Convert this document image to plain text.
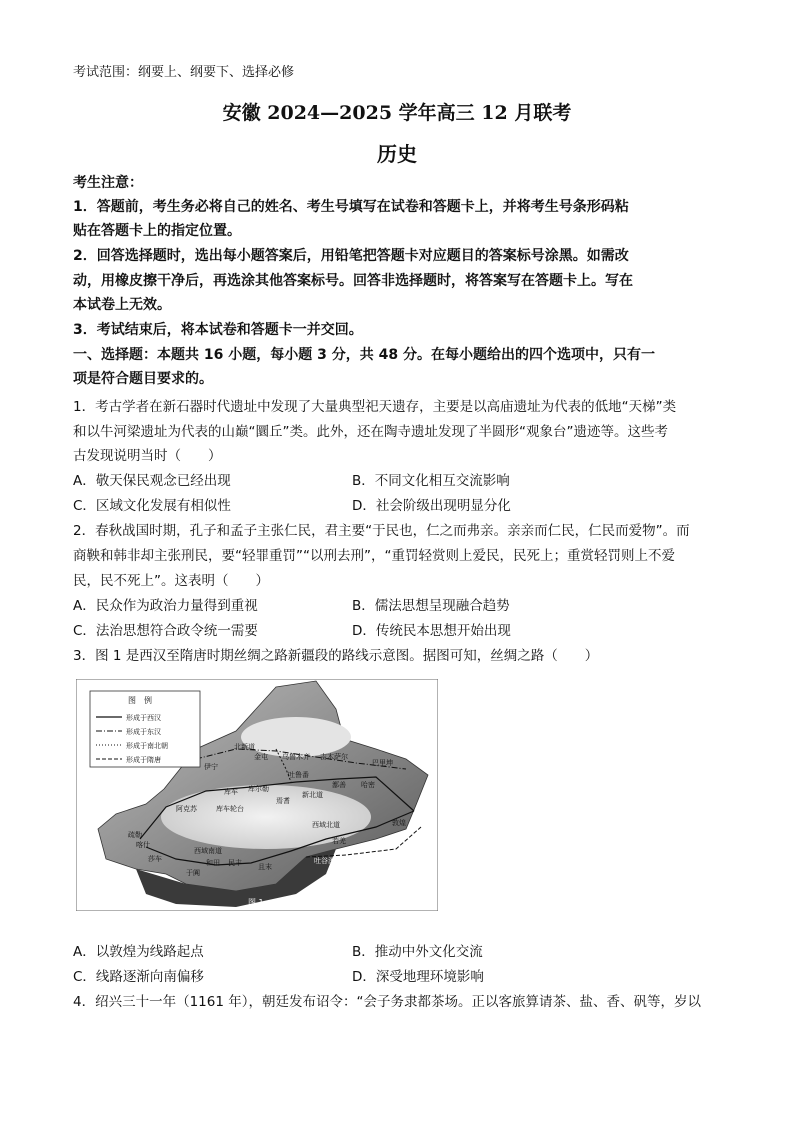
考试范围：纲要上、纲要下、选择必修
安徽 2024—2025 学年高三 12 月联考
历史
考生注意：
1．答题前，考生务必将自己的姓名、考生号填写在试卷和答题卡上，并将考生号条形码粘
贴在答题卡上的指定位置。
2．回答选择题时，选出每小题答案后，用铅笔把答题卡对应题目的答案标号涂黑。如需改
动，用橡皮擦干净后，再选涂其他答案标号。回答非选择题时，将答案写在答题卡上。写在
本试卷上无效。
3．考试结束后，将本试卷和答题卡一并交回。
一、选择题：本题共 16 小题，每小题 3 分，共 48 分。在每小题给出的四个选项中，只有一
项是符合题目要求的。
1．考古学者在新石器时代遗址中发现了大量典型祀天遗存，主要是以高庙遗址为代表的低地“天梯”类
和以牛河梁遗址为代表的山巅“圜丘”类。此外，还在陶寺遗址发现了半圆形“观象台”遗迹等。这些考
古发现说明当时（　　）
A．敬天保民观念已经出现	B．不同文化相互交流影响
C．区域文化发展有相似性	D．社会阶级出现明显分化
2．春秋战国时期，孔子和孟子主张仁民，君主要“于民也，仁之而弗亲。亲亲而仁民，仁民而爱物”。而
商鞅和韩非却主张刑民，要“轻罪重罚”“以刑去刑”，“重罚轻赏则上爱民，民死上；重赏轻罚则上不爱
民，民不死上”。这表明（　　）
A．民众作为政治力量得到重视	B．儒法思想呈现融合趋势
C．法治思想符合政令统一需要	D．传统民本思想开始出现
3．图 1 是西汉至隋唐时期丝绸之路新疆段的路线示意图。据图可知，丝绸之路（　　）
图　例
形成于西汉
形成于东汉
形成于南北朝
形成于隋唐
北新道
金屯 乌鲁木齐 吉木萨尔
巴里坤
伊宁
吐鲁番
鄯善 哈密
库车 库尔勒
焉耆
新北道
阿克苏	库车轮台
疏勒
喀什
莎车
西域北道
若羌
西域南道
和田
于阗
民丰 且末
吐谷浑道
敦煌
图 1
A．以敦煌为线路起点	B．推动中外文化交流
C．线路逐渐向南偏移	D．深受地理环境影响
4．绍兴三十一年（1161 年），朝廷发布诏令：“会子务隶都茶场。正以客旅算请茶、盐、香、矾等，岁以
